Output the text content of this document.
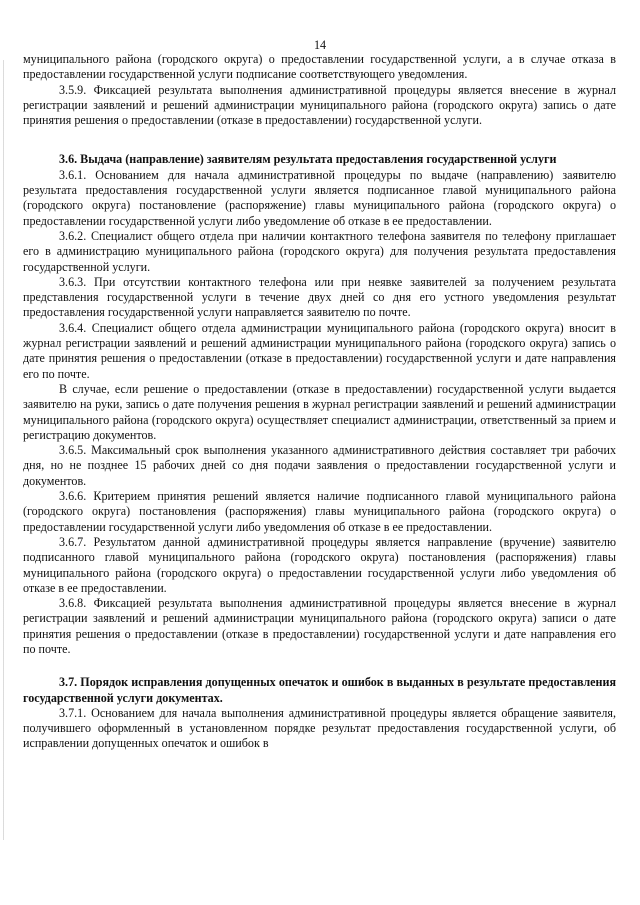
14

муниципального района (городского округа) о предоставлении государственной услуги, а в случае отказа в предоставлении государственной услуги подписание соответствующего уведомления.

3.5.9. Фиксацией результата выполнения административной процедуры является внесение в журнал регистрации заявлений и решений администрации муниципального района (городского округа) запись о дате принятия решения о предоставлении (отказе в предоставлении) государственной услуги.

3.6. Выдача (направление) заявителям результата предоставления государственной услуги

3.6.1. Основанием для начала административной процедуры по выдаче (направлению) заявителю результата предоставления государственной услуги является подписанное главой муниципального района (городского округа) постановление (распоряжение) главы муниципального района (городского округа) о предоставлении государственной услуги либо уведомление об отказе в ее предоставлении.

3.6.2. Специалист общего отдела при наличии контактного телефона заявителя по телефону приглашает его в администрацию муниципального района (городского округа) для получения результата предоставления государственной услуги.

3.6.3. При отсутствии контактного телефона или при неявке заявителей за получением результата представления государственной услуги в течение двух дней со дня его устного уведомления результат предоставления государственной услуги направляется заявителю по почте.

3.6.4. Специалист общего отдела администрации муниципального района (городского округа) вносит в журнал регистрации заявлений и решений администрации муниципального района (городского округа) запись о дате принятия решения о предоставлении (отказе в предоставлении) государственной услуги и дате направления его по почте.

В случае, если решение о предоставлении (отказе в предоставлении) государственной услуги выдается заявителю на руки, запись о дате получения решения в журнал регистрации заявлений и решений администрации муниципального района (городского округа) осуществляет специалист администрации, ответственный за прием и регистрацию документов.

3.6.5. Максимальный срок выполнения указанного административного действия составляет три рабочих дня, но не позднее 15 рабочих дней со дня подачи заявления о предоставлении государственной услуги и документов.

3.6.6. Критерием принятия решений является наличие подписанного главой муниципального района (городского округа) постановления (распоряжения) главы муниципального района (городского округа) о предоставлении государственной услуги либо уведомления об отказе в ее предоставлении.

3.6.7. Результатом данной административной процедуры является направление (вручение) заявителю подписанного главой муниципального района (городского округа) постановления (распоряжения) главы муниципального района (городского округа) о предоставлении государственной услуги либо уведомления об отказе в ее предоставлении.

3.6.8. Фиксацией результата выполнения административной процедуры является внесение в журнал регистрации заявлений и решений администрации муниципального района (городского округа) записи о дате принятия решения о предоставлении (отказе в предоставлении) государственной услуги и дате направления его по почте.

3.7. Порядок исправления допущенных опечаток и ошибок в выданных в результате предоставления государственной услуги документах.

3.7.1. Основанием для начала выполнения административной процедуры является обращение заявителя, получившего оформленный в установленном порядке результат предоставления государственной услуги, об исправлении допущенных опечаток и ошибок в
